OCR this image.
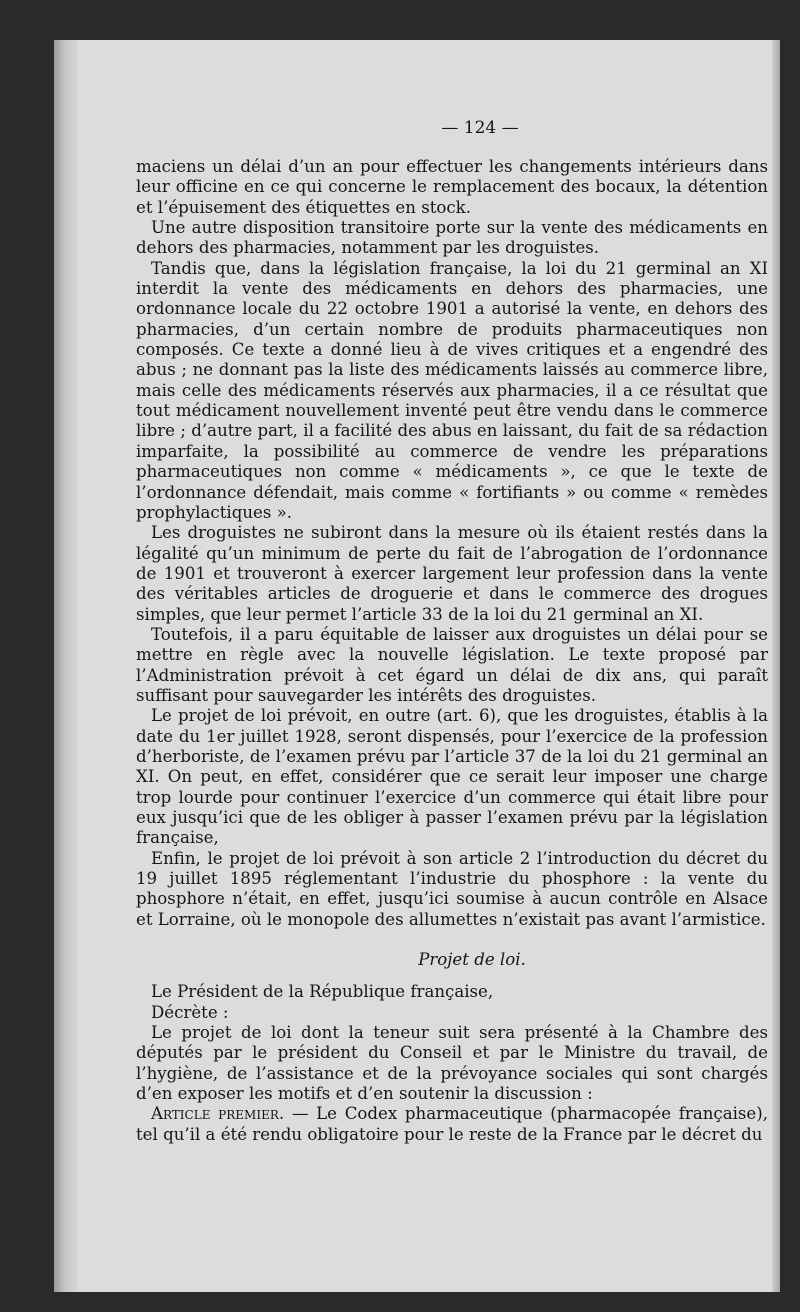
— 124 —

maciens un délai d’un an pour effectuer les changements intérieurs dans leur officine en ce qui concerne le remplacement des bocaux, la détention et l’épuisement des étiquettes en stock.

Une autre disposition transitoire porte sur la vente des médicaments en dehors des pharmacies, notamment par les droguistes.

Tandis que, dans la législation française, la loi du 21 germinal an XI interdit la vente des médicaments en dehors des pharmacies, une ordonnance locale du 22 octobre 1901 a autorisé la vente, en dehors des pharmacies, d’un certain nombre de produits pharmaceutiques non composés. Ce texte a donné lieu à de vives critiques et a engendré des abus ; ne donnant pas la liste des médicaments laissés au commerce libre, mais celle des médicaments réservés aux pharmacies, il a ce résultat que tout médicament nouvellement inventé peut être vendu dans le commerce libre ; d’autre part, il a facilité des abus en laissant, du fait de sa rédaction imparfaite, la possibilité au commerce de vendre les préparations pharmaceutiques non comme « médicaments », ce que le texte de l’ordonnance défendait, mais comme « fortifiants » ou comme « remèdes prophylactiques ».

Les droguistes ne subiront dans la mesure où ils étaient restés dans la légalité qu’un minimum de perte du fait de l’abrogation de l’ordonnance de 1901 et trouveront à exercer largement leur profession dans la vente des véritables articles de droguerie et dans le commerce des drogues simples, que leur permet l’article 33 de la loi du 21 germinal an XI.

Toutefois, il a paru équitable de laisser aux droguistes un délai pour se mettre en règle avec la nouvelle législation. Le texte proposé par l’Administration prévoit à cet égard un délai de dix ans, qui paraît suffisant pour sauvegarder les intérêts des droguistes.

Le projet de loi prévoit, en outre (art. 6), que les droguistes, établis à la date du 1er juillet 1928, seront dispensés, pour l’exercice de la profession d’herboriste, de l’examen prévu par l’article 37 de la loi du 21 germinal an XI. On peut, en effet, considérer que ce serait leur imposer une charge trop lourde pour continuer l’exercice d’un commerce qui était libre pour eux jusqu’ici que de les obliger à passer l’examen prévu par la législation française,

Enfin, le projet de loi prévoit à son article 2 l’introduction du décret du 19 juillet 1895 réglementant l’industrie du phosphore : la vente du phosphore n’était, en effet, jusqu’ici soumise à aucun contrôle en Alsace et Lorraine, où le monopole des allumettes n’existait pas avant l’armistice.

Projet de loi.

Le Président de la République française,

Décrète :

Le projet de loi dont la teneur suit sera présenté à la Chambre des députés par le président du Conseil et par le Ministre du travail, de l’hygiène, de l’assistance et de la prévoyance sociales qui sont chargés d’en exposer les motifs et d’en soutenir la discussion :

Article premier. — Le Codex pharmaceutique (pharmacopée française), tel qu’il a été rendu obligatoire pour le reste de la France par le décret du
